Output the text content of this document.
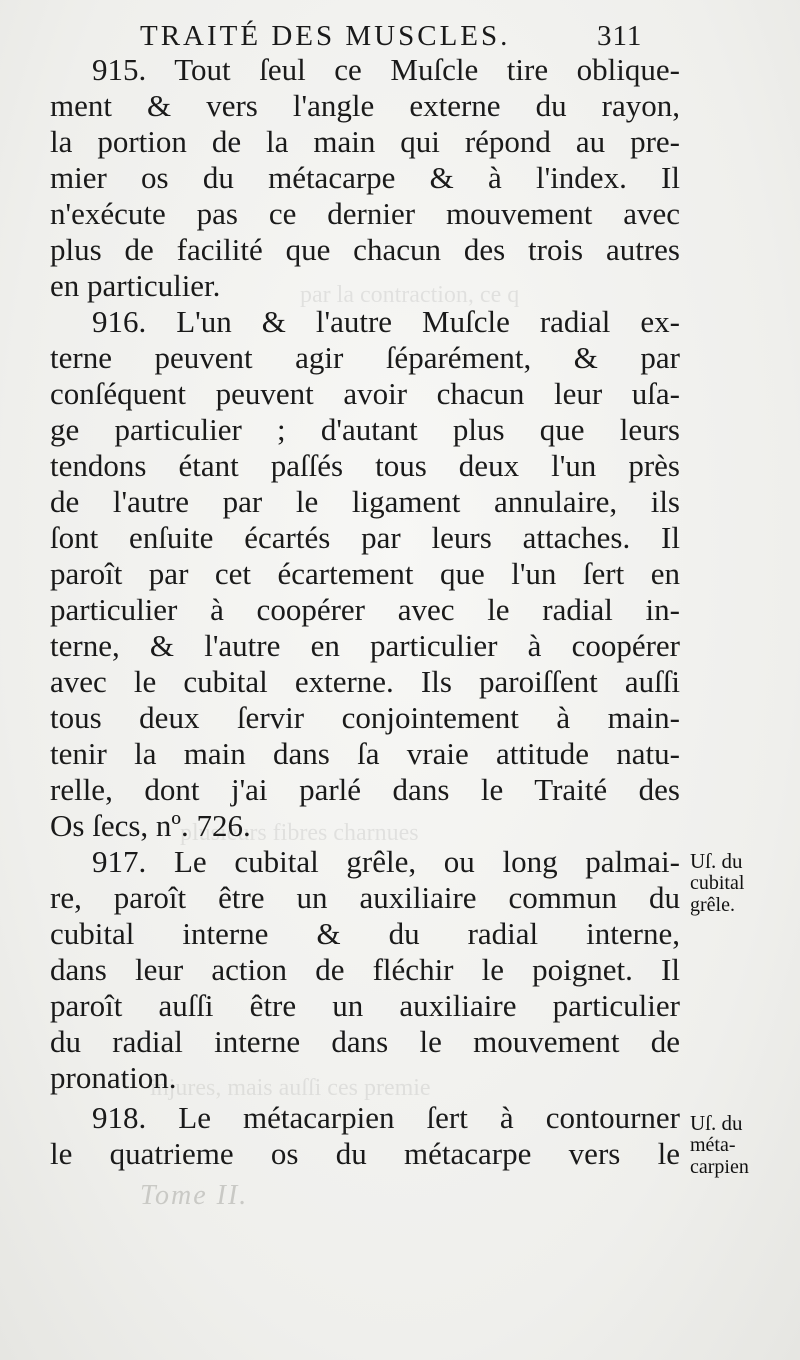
TRAITÉ DES MUSCLES.	311
par la contraction, ce q
plusieurs fibres charnues
injures, mais auſſi ces premie
915. Tout ſeul ce Muſcle tire oblique-
ment & vers l'angle externe du rayon,
la portion de la main qui répond au pre-
mier os du métacarpe & à l'index. Il
n'exécute pas ce dernier mouvement avec
plus de facilité que chacun des trois autres
en particulier.
916. L'un & l'autre Muſcle radial ex-
terne peuvent agir ſéparément, & par
conſéquent peuvent avoir chacun leur uſa-
ge particulier ; d'autant plus que leurs
tendons étant paſſés tous deux l'un près
de l'autre par le ligament annulaire, ils
ſont enſuite écartés par leurs attaches. Il
paroît par cet écartement que l'un ſert en
particulier à coopérer avec le radial in-
terne, & l'autre en particulier à coopérer
avec le cubital externe. Ils paroiſſent auſſi
tous deux ſervir conjointement à main-
tenir la main dans ſa vraie attitude natu-
relle, dont j'ai parlé dans le Traité des
Os ſecs, nº. 726.
917. Le cubital grêle, ou long palmai-
re, paroît être un auxiliaire commun du
cubital interne & du radial interne,
dans leur action de fléchir le poignet. Il
paroît auſſi être un auxiliaire particulier
du radial interne dans le mouvement de
pronation.
918. Le métacarpien ſert à contourner
le quatrieme os du métacarpe vers le
Uſ. du
cubital
grêle.
Uſ. du
méta-
carpien
Tome II.
